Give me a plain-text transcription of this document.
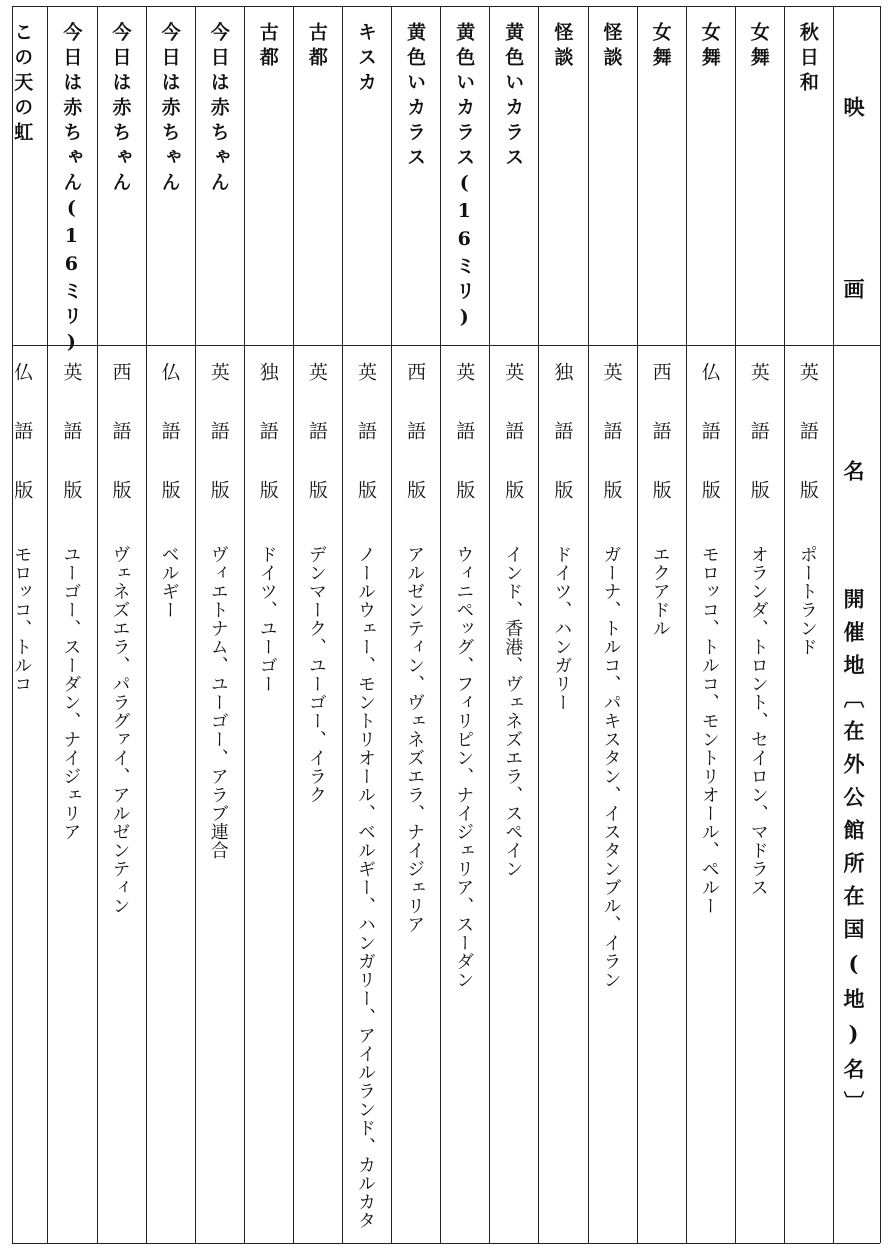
映　画　名
開催地〔在外公館所在国(地)名〕
秋日和
英語版
ポートランド
女舞
英語版
オランダ、トロント、セイロン、マドラス
女舞
仏語版
モロッコ、トルコ、モントリオール、ペルー
女舞
西語版
エクアドル
怪談
英語版
ガーナ、トルコ、パキスタン、イスタンブル、イラン
怪談
独語版
ドイツ、ハンガリー
黄色いカラス
英語版
インド、香港、ヴェネズエラ、スペイン
黄色いカラス(16ミリ)
英語版
ウィニペッグ、フィリピン、ナイジェリア、スーダン
黄色いカラス
西語版
アルゼンティン、ヴェネズエラ、ナイジェリア
キスカ
英語版
ノールウェー、モントリオール、ベルギー、ハンガリー、アイルランド、カルカタ
古都
英語版
デンマーク、ユーゴー、イラク
古都
独語版
ドイツ、ユーゴー
今日は赤ちゃん
英語版
ヴィエトナム、ユーゴー、アラブ連合
今日は赤ちゃん
仏語版
ベルギー
今日は赤ちゃん
西語版
ヴェネズエラ、パラグァイ、アルゼンティン
今日は赤ちゃん(16ミリ)
英語版
ユーゴー、スーダン、ナイジェリア
この天の虹
仏語版
モロッコ、トルコ
